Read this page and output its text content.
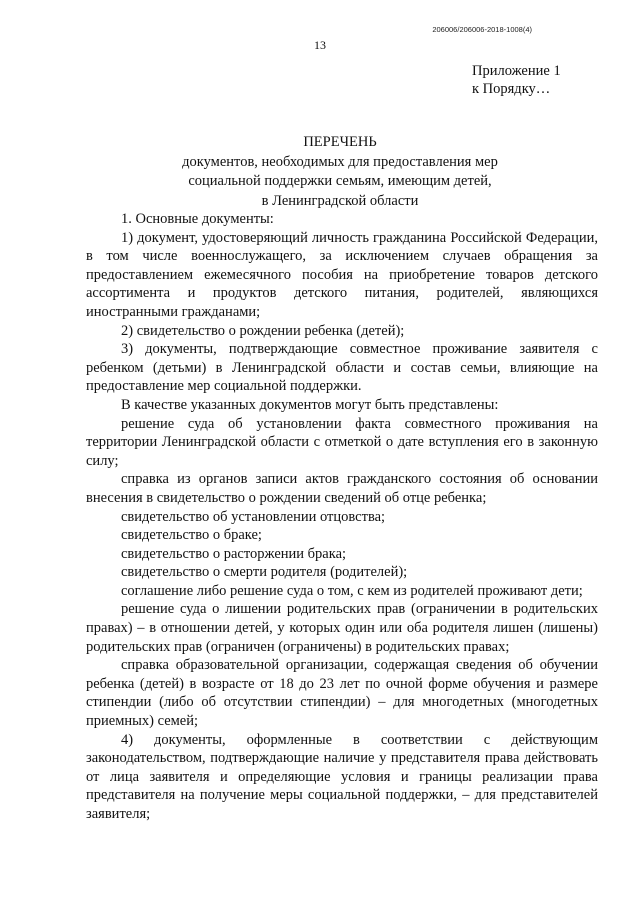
206006/206006-2018-1008(4)
13
Приложение 1
к Порядку…
ПЕРЕЧЕНЬ
документов, необходимых для предоставления мер
социальной поддержки семьям, имеющим детей,
в Ленинградской области

1. Основные документы:

1) документ, удостоверяющий личность гражданина Российской Федерации, в том числе военнослужащего, за исключением случаев обращения за предоставлением ежемесячного пособия на приобретение товаров детского ассортимента и продуктов детского питания, родителей, являющихся иностранными гражданами;

2) свидетельство о рождении ребенка (детей);

3) документы, подтверждающие совместное проживание заявителя с ребенком (детьми) в Ленинградской области и состав семьи, влияющие на предоставление мер социальной поддержки.

В качестве указанных документов могут быть представлены:

решение суда об установлении факта совместного проживания на территории Ленинградской области с отметкой о дате вступления его в законную силу;

справка из органов записи актов гражданского состояния об основании внесения в свидетельство о рождении сведений об отце ребенка;

свидетельство об установлении отцовства;

свидетельство о браке;

свидетельство о расторжении брака;

свидетельство о смерти родителя (родителей);

соглашение либо решение суда о том, с кем из родителей проживают дети;

решение суда о лишении родительских прав (ограничении в родительских правах) – в отношении детей, у которых один или оба родителя лишен (лишены) родительских прав (ограничен (ограничены) в родительских правах;

справка образовательной организации, содержащая сведения об обучении ребенка (детей) в возрасте от 18 до 23 лет по очной форме обучения и размере стипендии (либо об отсутствии стипендии) – для многодетных (многодетных приемных) семей;

4) документы, оформленные в соответствии с действующим законодательством, подтверждающие наличие у представителя права действовать от лица заявителя и определяющие условия и границы реализации права представителя на получение меры социальной поддержки, – для представителей заявителя;
